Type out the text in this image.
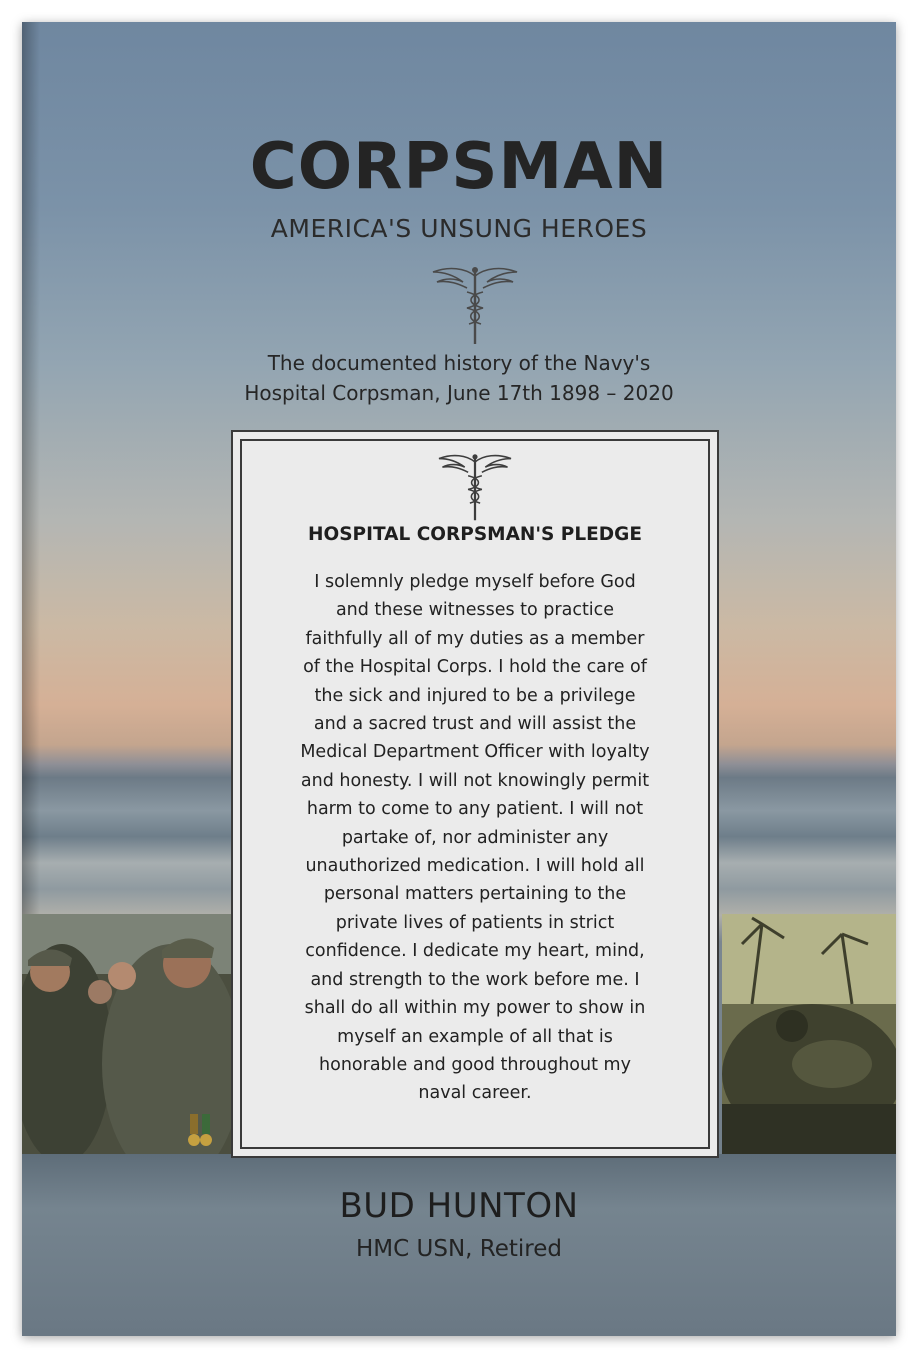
CORPSMAN
AMERICA'S UNSUNG HEROES
The documented history of the Navy's
Hospital Corpsman, June 17th 1898 – 2020
HOSPITAL CORPSMAN'S PLEDGE
I solemnly pledge myself before God
and these witnesses to practice
faithfully all of my duties as a member
of the Hospital Corps. I hold the care of
the sick and injured to be a privilege
and a sacred trust and will assist the
Medical Department Officer with loyalty
and honesty. I will not knowingly permit
harm to come to any patient. I will not
partake of, nor administer any
unauthorized medication. I will hold all
personal matters pertaining to the
private lives of patients in strict
confidence. I dedicate my heart, mind,
and strength to the work before me. I
shall do all within my power to show in
myself an example of all that is
honorable and good throughout my
naval career.
BUD HUNTON
HMC USN, Retired
